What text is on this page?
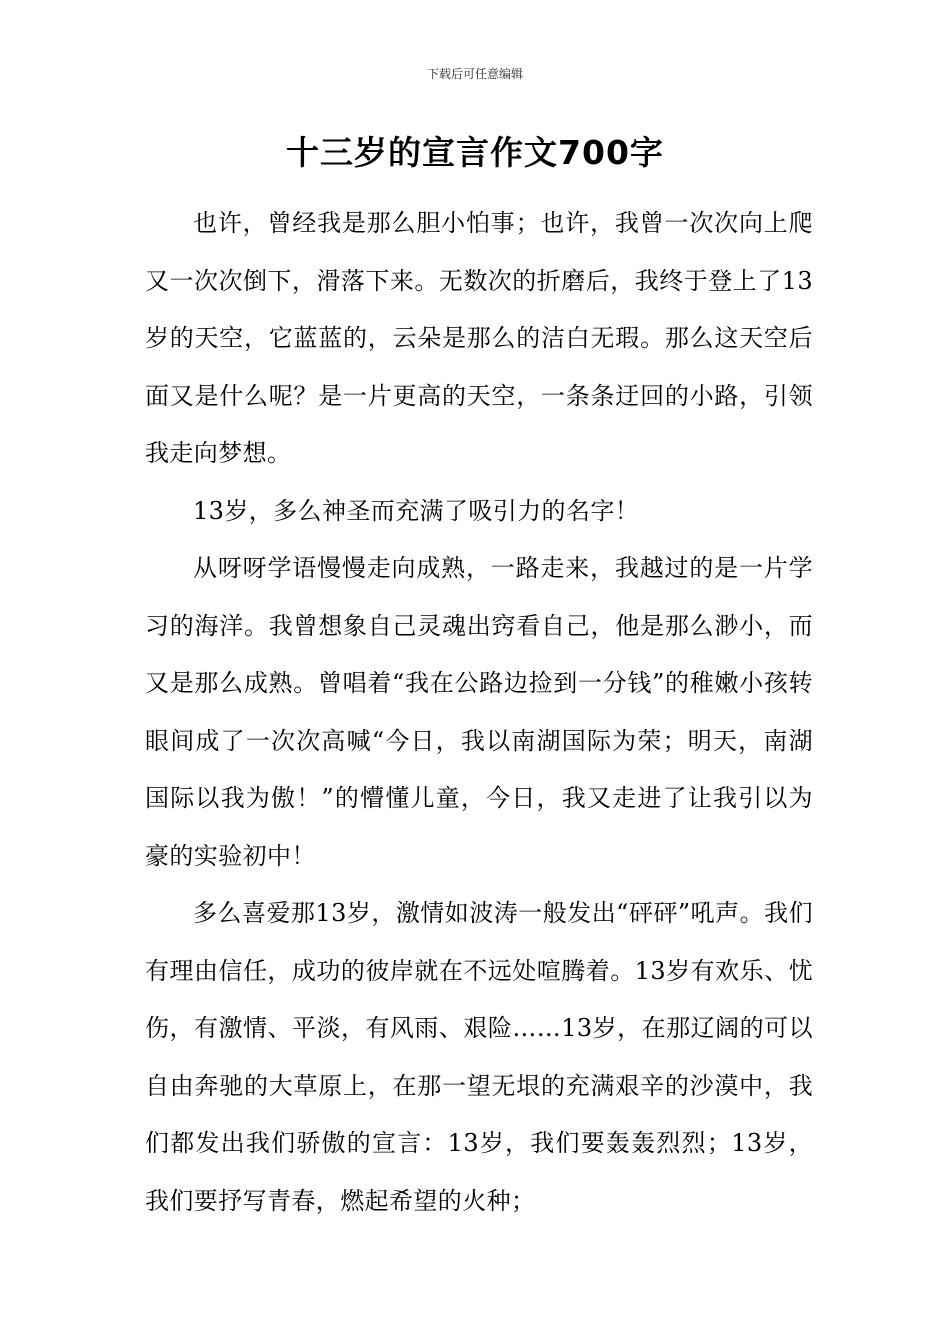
下载后可任意编辑
十三岁的宣言作文700字

也许，曾经我是那么胆小怕事；也许，我曾一次次向上爬又一次次倒下，滑落下来。无数次的折磨后，我终于登上了13岁的天空，它蓝蓝的，云朵是那么的洁白无瑕。那么这天空后面又是什么呢？是一片更高的天空，一条条迂回的小路，引领我走向梦想。

13岁，多么神圣而充满了吸引力的名字！

从呀呀学语慢慢走向成熟，一路走来，我越过的是一片学习的海洋。我曾想象自己灵魂出窍看自己，他是那么渺小，而又是那么成熟。曾唱着“我在公路边捡到一分钱”的稚嫩小孩转眼间成了一次次高喊“今日，我以南湖国际为荣；明天，南湖国际以我为傲！”的懵懂儿童，今日，我又走进了让我引以为豪的实验初中！

多么喜爱那13岁，激情如波涛一般发出“砰砰”吼声。我们有理由信任，成功的彼岸就在不远处喧腾着。13岁有欢乐、忧伤，有激情、平淡，有风雨、艰险……13岁，在那辽阔的可以自由奔驰的大草原上，在那一望无垠的充满艰辛的沙漠中，我们都发出我们骄傲的宣言：13岁，我们要轰轰烈烈；13岁，我们要抒写青春，燃起希望的火种；
